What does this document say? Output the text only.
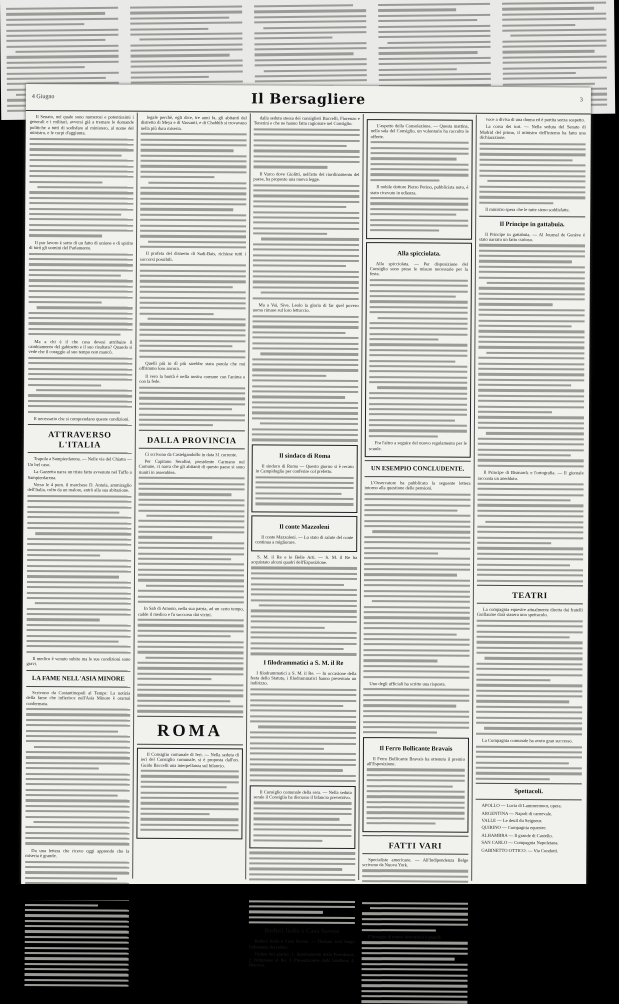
4 Giugno	Il Bersagliere	3

Il Senato, nel quale sono numerosi e potentissimi i generali e i militari, avversi già a tremare le domande politiche a tutti di sodisfare al ministero, al nome del ministro, e le corpi d'aggiunta.

Il pur lavoro è sotto di un fatto di unione e di spirito di tutti gli uomini del Parlamento.

Ma a chi è il che cosa devesi attribuire il cambiamento del gabinetto e il suo risultato? Quando si vede che il coraggio al suo tempo non mancò.

E necessario che si comprendano queste condizioni.

ATTRAVERSO L'ITALIA

Trapola a Sampierdarena. — Nelle vie del Chiatto — Un bel caso.

La Gazzetta narra un triste fatto avvenuto nel Tuffo a Sampierdarena.

Verso le 4 pom. il marchese D. Antola, ammiraglio dell'Italia, colto da un malore, entrò alla sua abitazione.

Il medico è venuto subito ma le sue condizioni sono gravi.

LA FAME NELL'ASIA MINORE

Scrivono da Costantinopoli al Temps: La notizia della fame che infierisce nell'Asia Minore è oramai confermata.

Da una lettera che ricevo oggi apprendo che la miseria è grande.

legale perchè, egli dice, tre anni fa, gli abitanti del distretto di Meya e di Vassanti, e di Chabhib si trovavano nella più dura miseria.

Il profeta del distretto di Sadi-Bais, richiese tutti i soccorsi possibili.

Quelli più in dì più sarebbe stata parola che noi offrimmo loro ancora.

Il vero la bontà è nella nostra comune con l'anima e con la fede.

DALLA PROVINCIA

Ci scrivono da Castelgandolfo in data 31 corrente.

Per Capitano Serafini, presidente Carmano nel Comune, ci narra che gli abitanti di questo paese si sono riuniti in assemblea.

In Sab di Amonn, nella sua patria, ad un certo tempo, cadde il medico e fu soccorso dai vicini.

ROMA

Il Consiglio comunale di Ieri. — Nella seduta di ieri del Consiglio comunale, si è proposta dall'on. Guido Baccelli una interpellanza sul bilancio.

dalla seduta stessa dei consiglieri Baccelli, Fiorenzo e Tenerini e che ne hanno fatto ragionare nel Consiglio.

Il Varco dove Giolitti, nell'atto del riordinamento del paese, ha proposto una nuova legge.

Ma a Vai, Sive, Leolo la gloria di far quel povero uomo rimase sul loro lettuccio.

Il sindaco di Roma

Il sindaco di Roma — Questo giorno si è recato in Campidoglio per conferire col prefetto.

Il conte Mazzoleni

Il conte Mazzoleni. — Lo stato di salute del conte continua a migliorare.

S. M. il Re e le Belle Arti. — S. M. il Re ha acquistato alcuni quadri dell'Esposizione.

I filodrammatici a S. M. il Re

I filodrammatici a S. M. il Re. — In occasione della festa dello Statuto, i filodrammatici hanno presentato un indirizzo.

Il Consiglio comunale della sera. — Nella seduta serale il Consiglio ha discusso il bilancio preventivo.

Reduci Italia e Casa Savoia

Reduci Italia e Casa Savoia. — Domani avrà luogo l'adunanza dei reduci.

Ordine del giorno: 1. Insediamento della Presidenza; 2. Istituzione al Re; 3. Presentazione della bandiera; 4. Discorsi.

L'aspetto della Consolazione. — Questa mattina, nella sala del Consiglio, un volontario ha raccolto le offerte.

Il nobile dottore Pietro Perino, pubblicista noto, è stato ricevuto in udienza.

Alla spicciolata.

Alla spicciolata. — Per disposizione del Consiglio sono prese le misure necessarie per la festa.

Fra l'altro a seguire del nuovo regolamento per le scuole.

UN ESEMPIO CONCLUDENTE.

L'Osservatore ha pubblicato la seguente lettera intorno alla questione delle pensioni.

Uno degli ufficiali ha scritto una risposta.

Il Ferro Bollicante Bravais

Il Ferro Bollicante Bravais ha ottenuto il premio all'Esposizione.

FATTI VARI

Specialiste americane. — All'Indipendenza Belge scrivono da Nuova York.

Il bisogno di nuove invenzioni è grande.

voce a divisa di una donna ed è partita senza sospetto.

La corsa dei tori. — Nella seduta del Senato di Madrid del primo, il ministro dell'interno ha fatto una dichiarazione.

Il ministro spera che le tutte sieno soddisfatte.

Il Principe in gattabuia.

Il Principe in gattabuia. — Al Journal de Genève è stato narrato un fatto curioso.

Il Principe di Bismarck e l'ortografia. — Il giornale racconta un aneddoto.

TEATRI

La compagnia equestre attualmente diretta dai fratelli Guillaume darà stasera uno spettacolo.

La Compagnia comunale ha avuto gran successo.

Spettacoli.

APOLLO — Lucia di Lammermoor, opera.

ARGENTINA — Napoli di carnevale.

VALLE — Le deuil du Seigneur.

QUIRINO — Compagnia equestre.

ALHAMBRA — Il grande di Castello.

SAN CARLO — Compagnia Napoletana.

GABINETTO OTTICO. — Via Condotti.
